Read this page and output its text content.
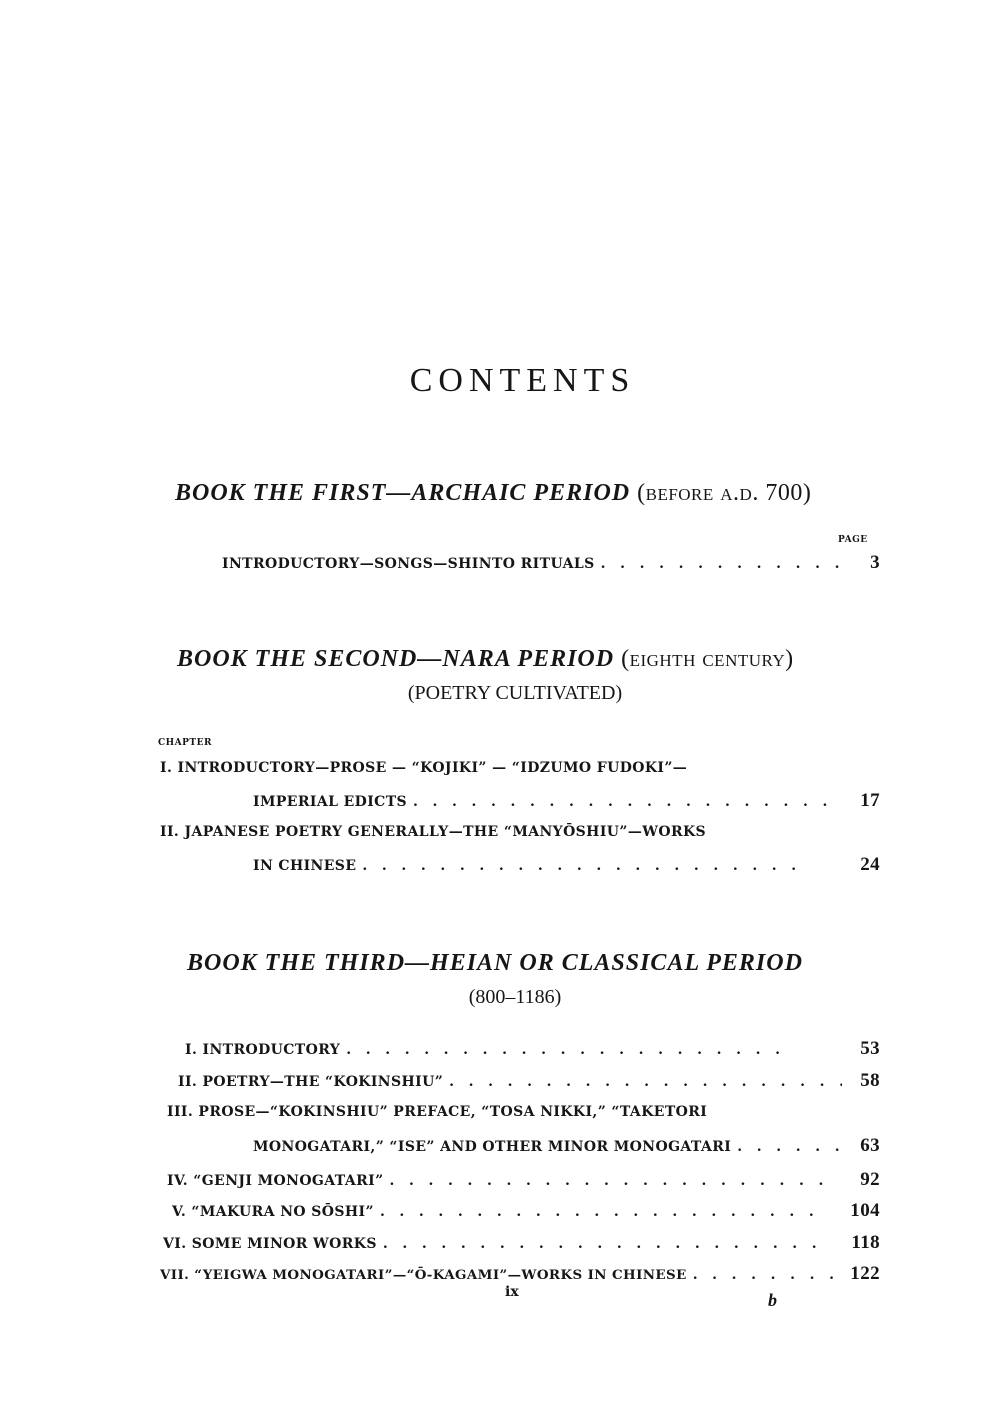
CONTENTS
BOOK THE FIRST—ARCHAIC PERIOD (before a.d. 700)
PAGE
INTRODUCTORY—SONGS—SHINTO RITUALS . .	3
BOOK THE SECOND—NARA PERIOD (eighth century)
(POETRY CULTIVATED)
CHAPTER
I. INTRODUCTORY—PROSE — “KOJIKI” — “IDZUMO FUDOKI”—
IMPERIAL EDICTS . .	17
II. JAPANESE POETRY GENERALLY—THE “MANYŌSHIU”—WORKS
IN CHINESE . .	24
BOOK THE THIRD—HEIAN OR CLASSICAL PERIOD
(800–1186)
I. INTRODUCTORY . .	53
II. POETRY—THE “KOKINSHIU” . .	58
III. PROSE—“KOKINSHIU” PREFACE, “TOSA NIKKI,” “TAKETORI
MONOGATARI,” “ISE” AND OTHER MINOR MONOGATARI . .	63
IV. “GENJI MONOGATARI” . .	92
V. “MAKURA NO SŌSHI” . .	104
VI. SOME MINOR WORKS . .	118
VII. “YEIGWA MONOGATARI”—“Ō-KAGAMI”—WORKS IN CHINESE . .	122
ix	b
